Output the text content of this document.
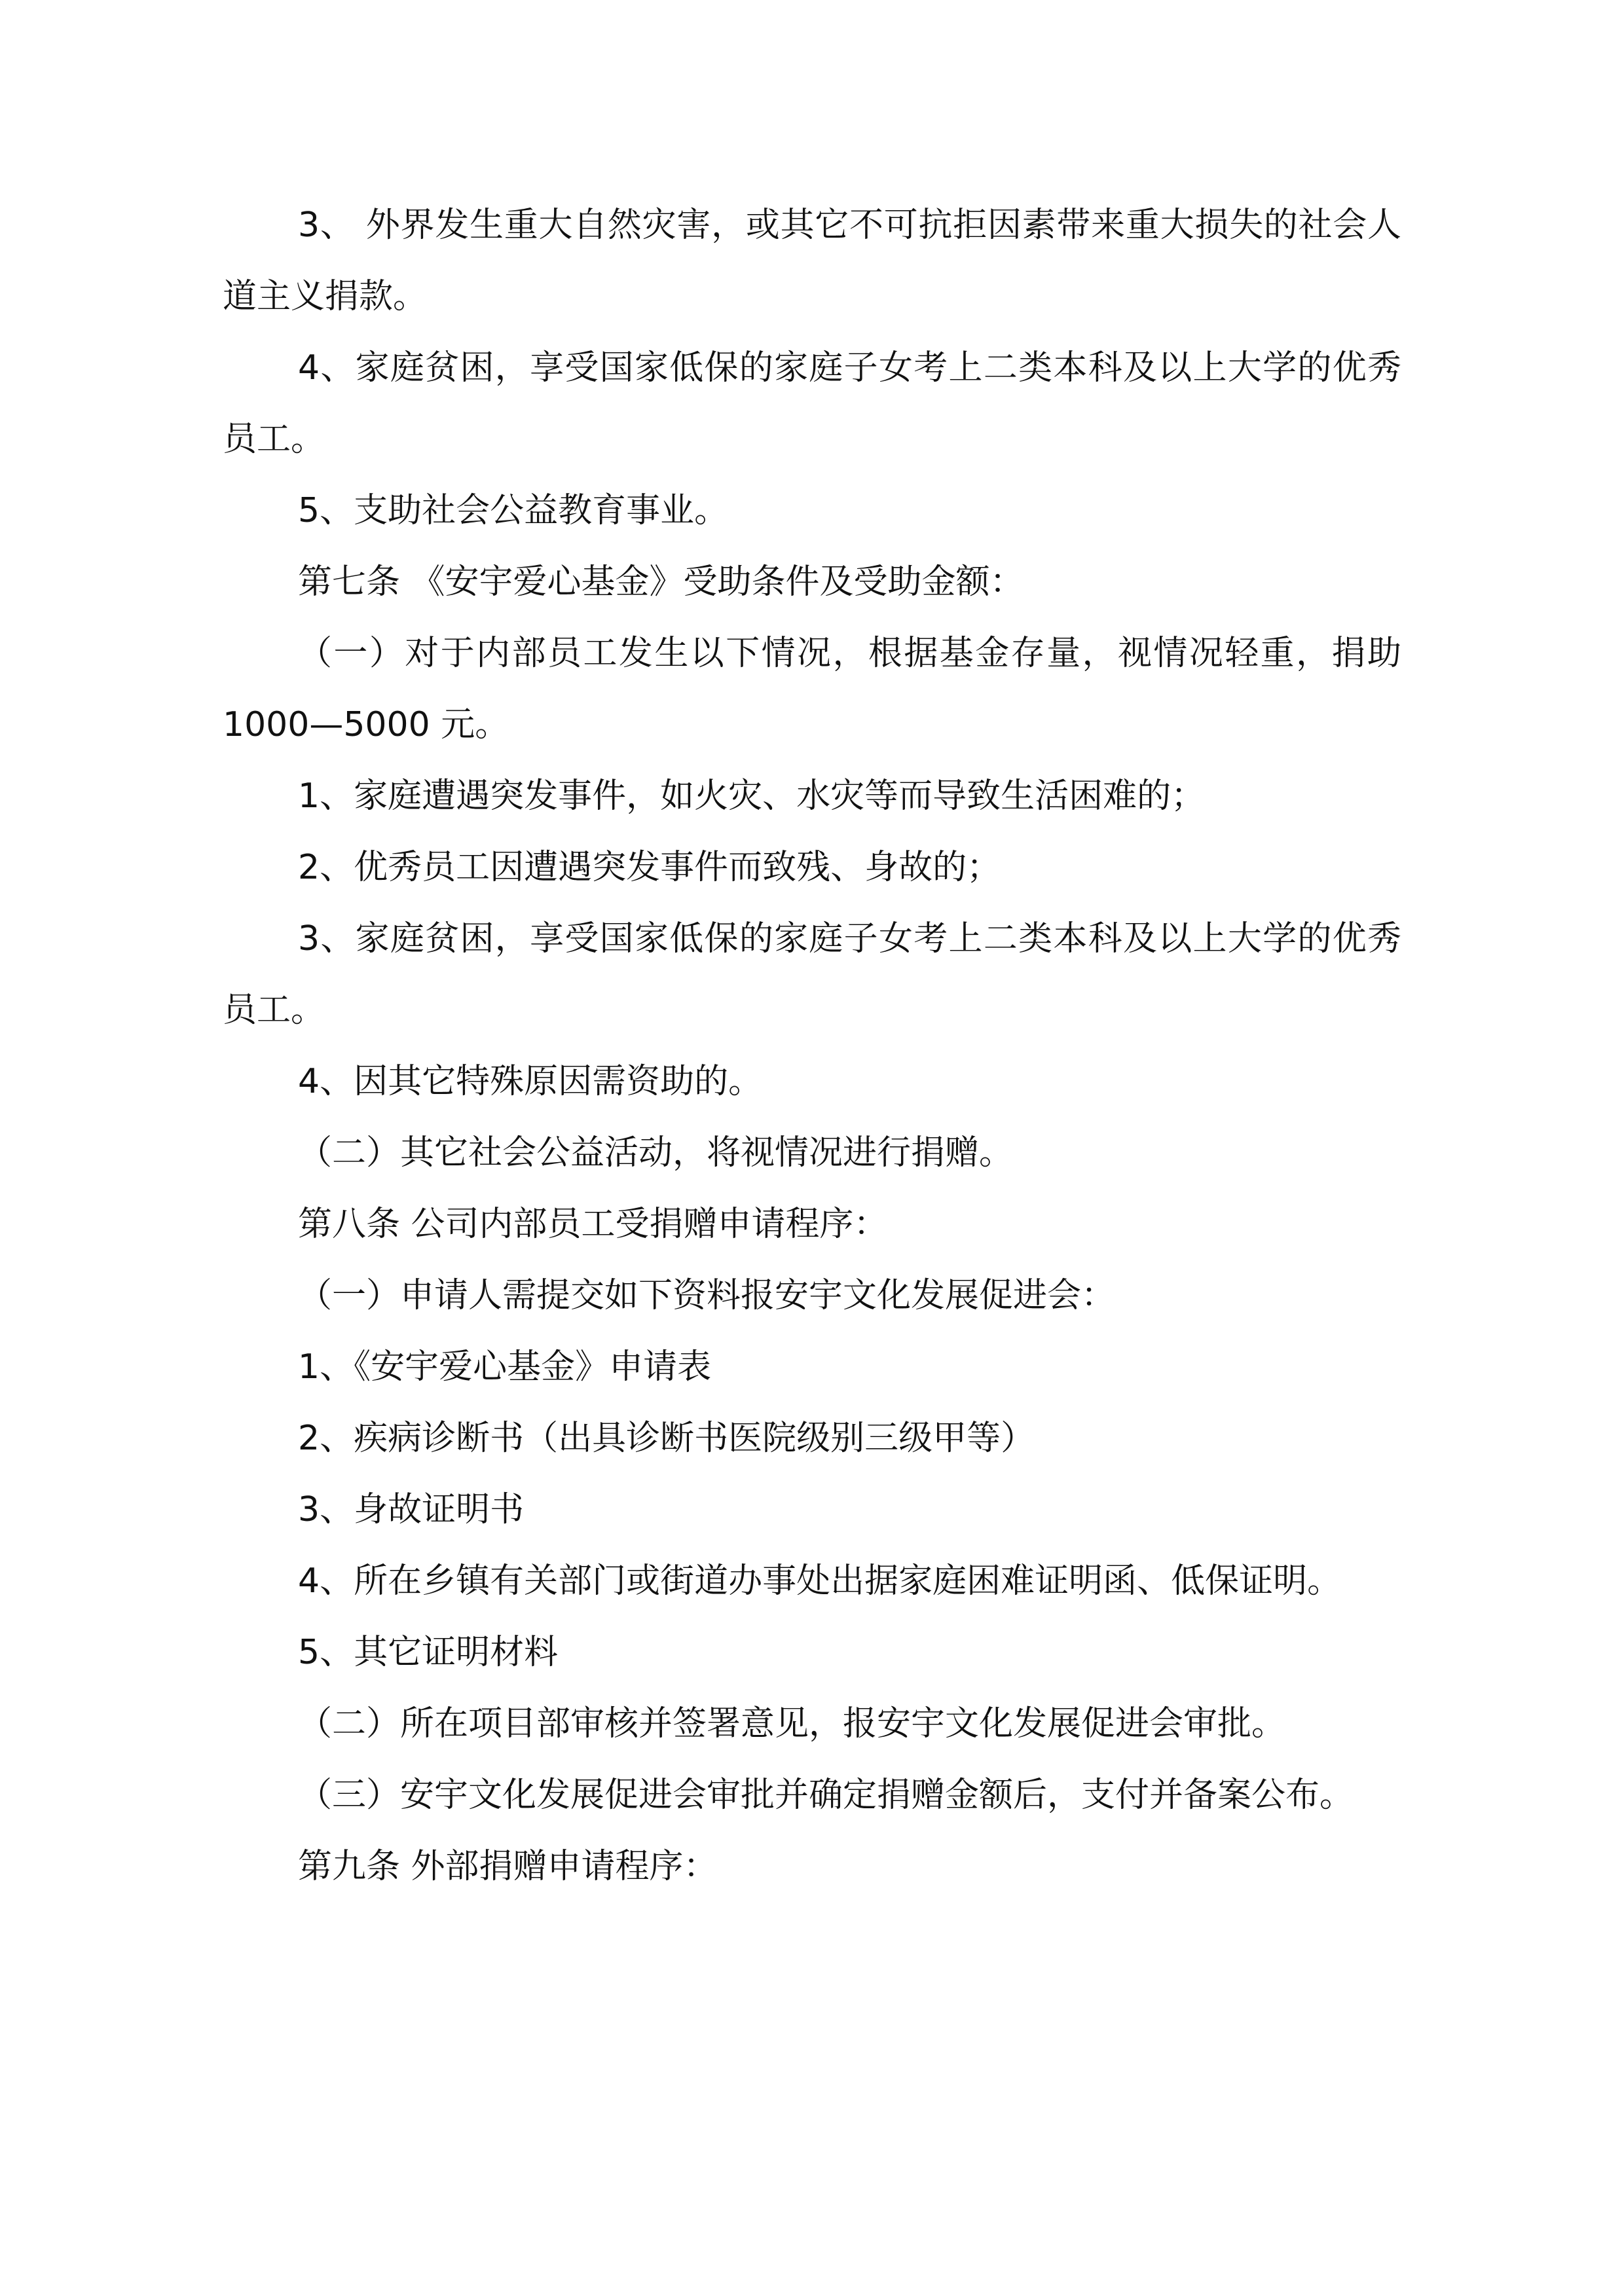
3、 外界发生重大自然灾害，或其它不可抗拒因素带来重大损失的社会人道主义捐款。

4、家庭贫困，享受国家低保的家庭子女考上二类本科及以上大学的优秀员工。

5、支助社会公益教育事业。

第七条 《安宇爱心基金》受助条件及受助金额：

（一）对于内部员工发生以下情况，根据基金存量，视情况轻重，捐助 1000—5000 元。

1、家庭遭遇突发事件，如火灾、水灾等而导致生活困难的；

2、优秀员工因遭遇突发事件而致残、身故的；

3、家庭贫困，享受国家低保的家庭子女考上二类本科及以上大学的优秀员工。

4、因其它特殊原因需资助的。

（二）其它社会公益活动，将视情况进行捐赠。

第八条 公司内部员工受捐赠申请程序：

（一）申请人需提交如下资料报安宇文化发展促进会：

1、《安宇爱心基金》申请表

2、疾病诊断书（出具诊断书医院级别三级甲等）

3、身故证明书

4、所在乡镇有关部门或街道办事处出据家庭困难证明函、低保证明。

5、其它证明材料

（二）所在项目部审核并签署意见，报安宇文化发展促进会审批。

（三）安宇文化发展促进会审批并确定捐赠金额后，支付并备案公布。

第九条 外部捐赠申请程序：
